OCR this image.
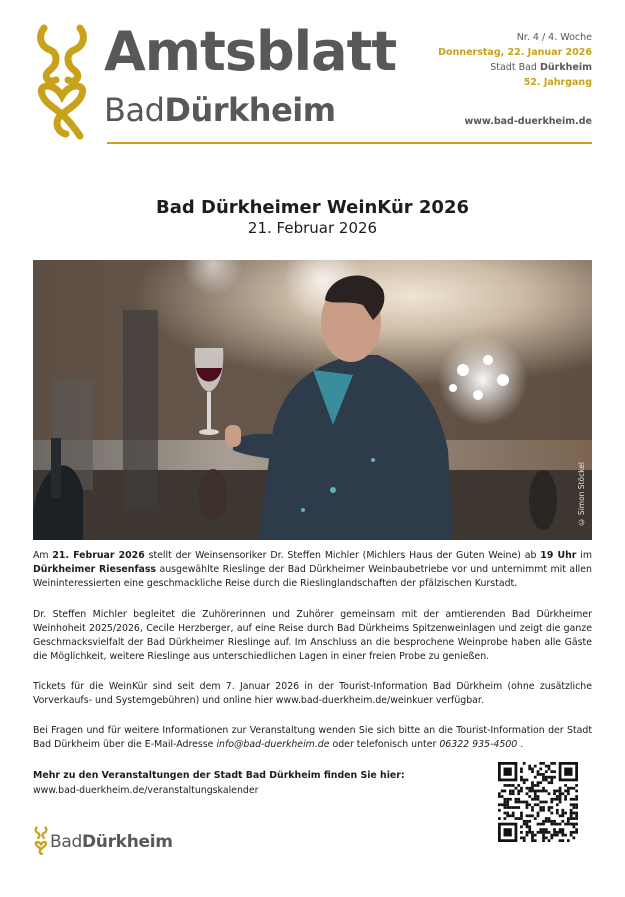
Amtsblatt
BadDürkheim
Nr. 4 / 4. Woche
Donnerstag, 22. Januar 2026
Stadt Bad Dürkheim
52. Jahrgang
www.bad-duerkheim.de
Bad Dürkheimer WeinKür 2026
21. Februar 2026
© Simon Stöckel
Am 21. Februar 2026 stellt der Weinsensoriker Dr. Steffen Michler (Michlers Haus der Guten Weine) ab 19 Uhr im Dürkheimer Riesenfass ausgewählte Rieslinge der Bad Dürkheimer Weinbaubetriebe vor und unternimmt mit allen Weininteressierten eine geschmackliche Reise durch die Rieslinglandschaften der pfälzischen Kurstadt.
Dr. Steffen Michler begleitet die Zuhörerinnen und Zuhörer gemeinsam mit der amtierenden Bad Dürkheimer Weinhoheit 2025/2026, Cecile Herzberger, auf eine Reise durch Bad Dürkheims Spitzenweinlagen und zeigt die ganze Geschmacksvielfalt der Bad Dürkheimer Rieslinge auf. Im Anschluss an die besprochene Weinprobe haben alle Gäste die Möglichkeit, weitere Rieslinge aus unterschiedlichen Lagen in einer freien Probe zu genießen.
Tickets für die WeinKür sind seit dem 7. Januar 2026 in der Tourist-Information Bad Dürkheim (ohne zusätzliche Vorverkaufs- und Systemgebühren) und online hier www.bad-duerkheim.de/weinkuer verfügbar.
Bei Fragen und für weitere Informationen zur Veranstaltung wenden Sie sich bitte an die Tourist-Information der Stadt Bad Dürkheim über die E-Mail-Adresse info@bad-duerkheim.de oder telefonisch unter 06322 935-4500 .
Mehr zu den Veranstaltungen der Stadt Bad Dürkheim finden Sie hier:
www.bad-duerkheim.de/veranstaltungskalender
BadDürkheim
